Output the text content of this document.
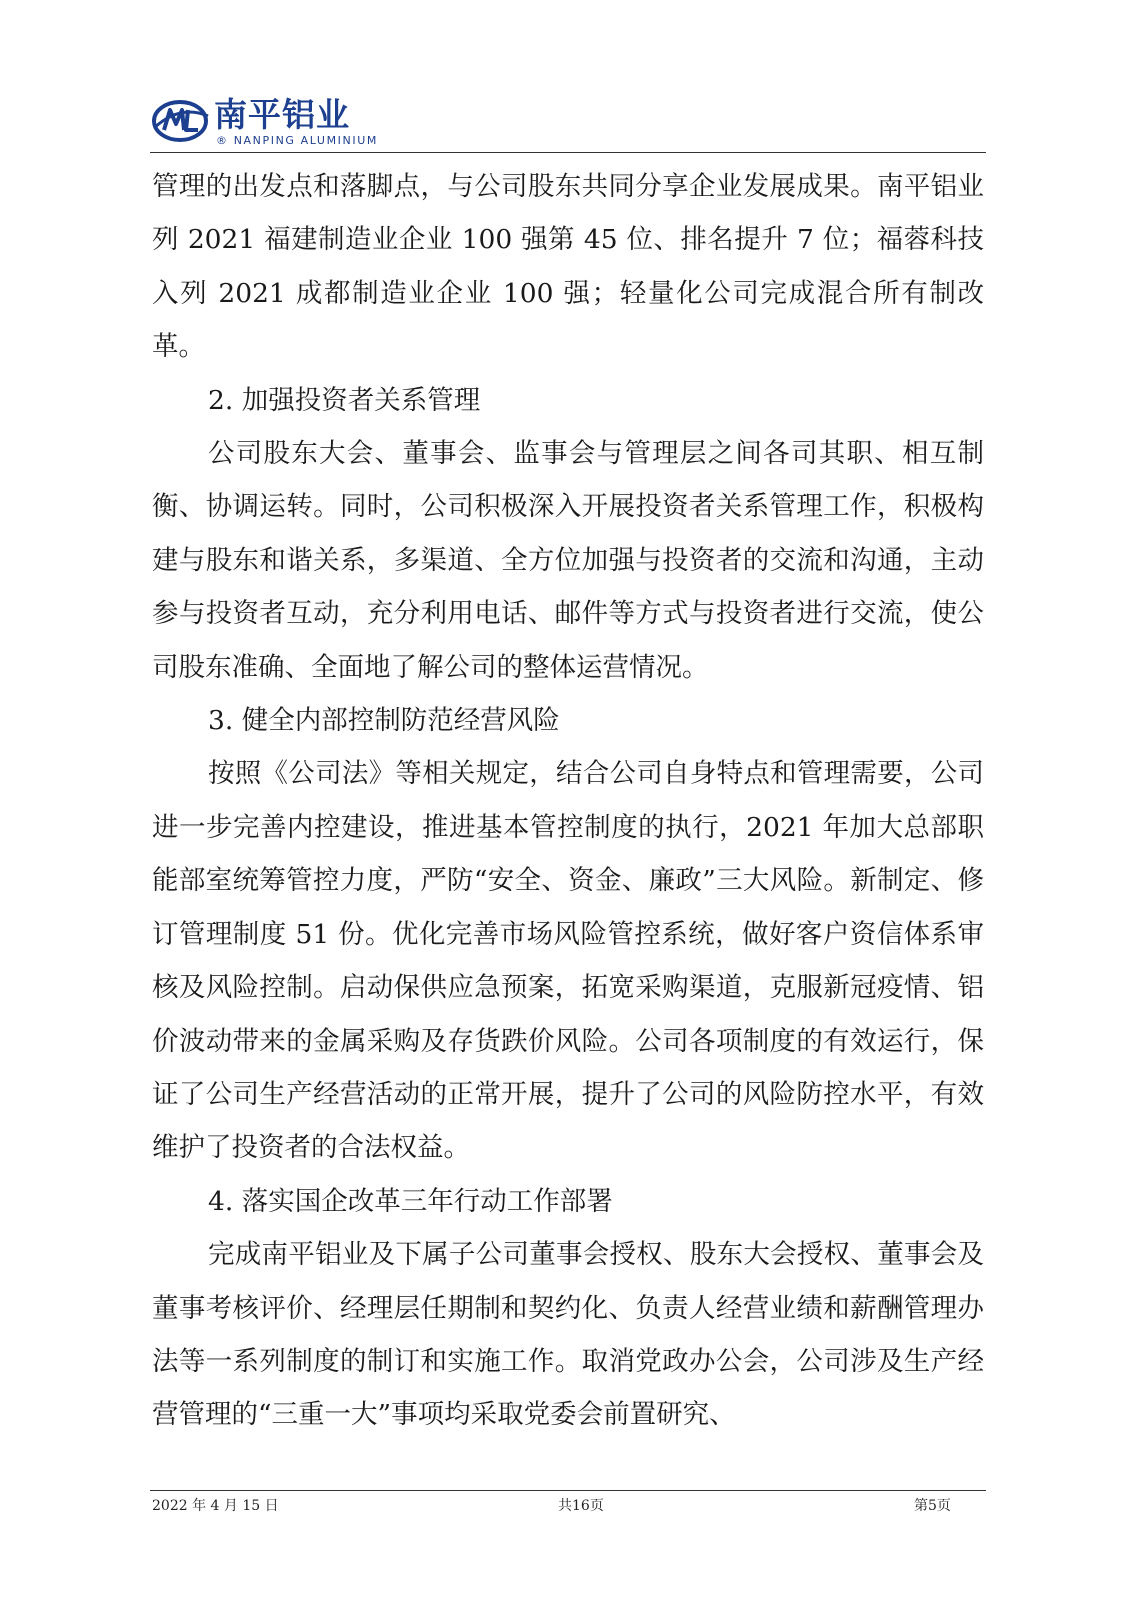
南平铝业
® NANPING ALUMINIUM

管理的出发点和落脚点，与公司股东共同分享企业发展成果。南平铝业列 2021 福建制造业企业 100 强第 45 位、排名提升 7 位；福蓉科技入列 2021 成都制造业企业 100 强；轻量化公司完成混合所有制改革。

2. 加强投资者关系管理

公司股东大会、董事会、监事会与管理层之间各司其职、相互制衡、协调运转。同时，公司积极深入开展投资者关系管理工作，积极构建与股东和谐关系，多渠道、全方位加强与投资者的交流和沟通，主动参与投资者互动，充分利用电话、邮件等方式与投资者进行交流，使公司股东准确、全面地了解公司的整体运营情况。

3. 健全内部控制防范经营风险

按照《公司法》等相关规定，结合公司自身特点和管理需要，公司进一步完善内控建设，推进基本管控制度的执行，2021 年加大总部职能部室统筹管控力度，严防“安全、资金、廉政”三大风险。新制定、修订管理制度 51 份。优化完善市场风险管控系统，做好客户资信体系审核及风险控制。启动保供应急预案，拓宽采购渠道，克服新冠疫情、铝价波动带来的金属采购及存货跌价风险。公司各项制度的有效运行，保证了公司生产经营活动的正常开展，提升了公司的风险防控水平，有效维护了投资者的合法权益。

4. 落实国企改革三年行动工作部署

完成南平铝业及下属子公司董事会授权、股东大会授权、董事会及董事考核评价、经理层任期制和契约化、负责人经营业绩和薪酬管理办法等一系列制度的制订和实施工作。取消党政办公会，公司涉及生产经营管理的“三重一大”事项均采取党委会前置研究、

2022 年 4 月 15 日	共16页	第5页
